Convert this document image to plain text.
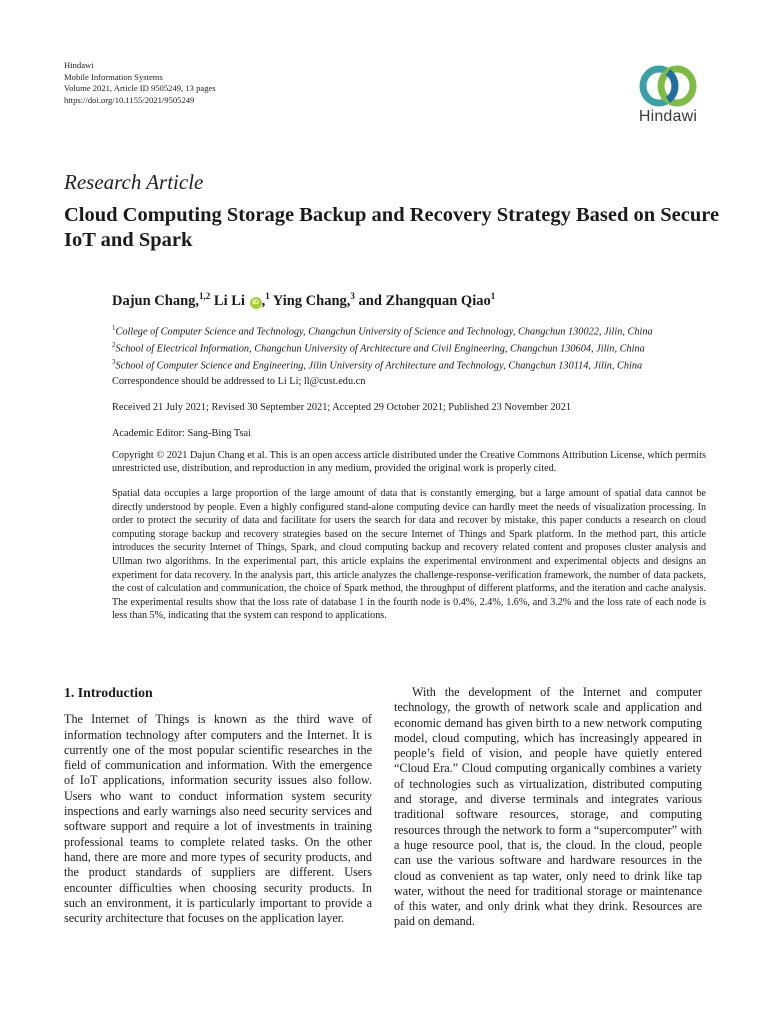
Hindawi
Mobile Information Systems
Volume 2021, Article ID 9505249, 13 pages
https://doi.org/10.1155/2021/9505249
Hindawi
Research Article
Cloud Computing Storage Backup and Recovery Strategy Based on Secure IoT and Spark
Dajun Chang,$^{1,2}$ Li Li iD ,$^1$ Ying Chang,$^3$ and Zhangquan Qiao$^1$
$^1$College of Computer Science and Technology, Changchun University of Science and Technology, Changchun 130022, Jilin, China
$^2$School of Electrical Information, Changchun University of Architecture and Civil Engineering, Changchun 130604, Jilin, China
$^3$School of Computer Science and Engineering, Jilin University of Architecture and Technology, Changchun 130114, Jilin, China
Correspondence should be addressed to Li Li; ll@cust.edu.cn
Received 21 July 2021; Revised 30 September 2021; Accepted 29 October 2021; Published 23 November 2021
Academic Editor: Sang-Bing Tsai
Copyright © 2021 Dajun Chang et al. This is an open access article distributed under the Creative Commons Attribution License, which permits unrestricted use, distribution, and reproduction in any medium, provided the original work is properly cited.
Spatial data occupies a large proportion of the large amount of data that is constantly emerging, but a large amount of spatial data cannot be directly understood by people. Even a highly configured stand-alone computing device can hardly meet the needs of visualization processing. In order to protect the security of data and facilitate for users the search for data and recover by mistake, this paper conducts a research on cloud computing storage backup and recovery strategies based on the secure Internet of Things and Spark platform. In the method part, this article introduces the security Internet of Things, Spark, and cloud computing backup and recovery related content and proposes cluster analysis and Ullman two algorithms. In the experimental part, this article explains the experimental environment and experimental objects and designs an experiment for data recovery. In the analysis part, this article analyzes the challenge-response-verification framework, the number of data packets, the cost of calculation and communication, the choice of Spark method, the throughput of different platforms, and the iteration and cache analysis. The experimental results show that the loss rate of database 1 in the fourth node is 0.4%, 2.4%, 1.6%, and 3.2% and the loss rate of each node is less than 5%, indicating that the system can respond to applications.
1. Introduction

The Internet of Things is known as the third wave of information technology after computers and the Internet. It is currently one of the most popular scientific researches in the field of communication and information. With the emergence of IoT applications, information security issues also follow. Users who want to conduct information system security inspections and early warnings also need security services and software support and require a lot of investments in training professional teams to complete related tasks. On the other hand, there are more and more types of security products, and the product standards of suppliers are different. Users encounter difficulties when choosing security products. In such an environment, it is particularly important to provide a security architecture that focuses on the application layer.

With the development of the Internet and computer technology, the growth of network scale and application and economic demand has given birth to a new network computing model, cloud computing, which has increasingly appeared in people’s field of vision, and people have quietly entered “Cloud Era.” Cloud computing organically combines a variety of technologies such as virtualization, distributed computing and storage, and diverse terminals and integrates various traditional software resources, storage, and computing resources through the network to form a “supercomputer” with a huge resource pool, that is, the cloud. In the cloud, people can use the various software and hardware resources in the cloud as convenient as tap water, only need to drink like tap water, without the need for traditional storage or maintenance of this water, and only drink what they drink. Resources are paid on demand.
